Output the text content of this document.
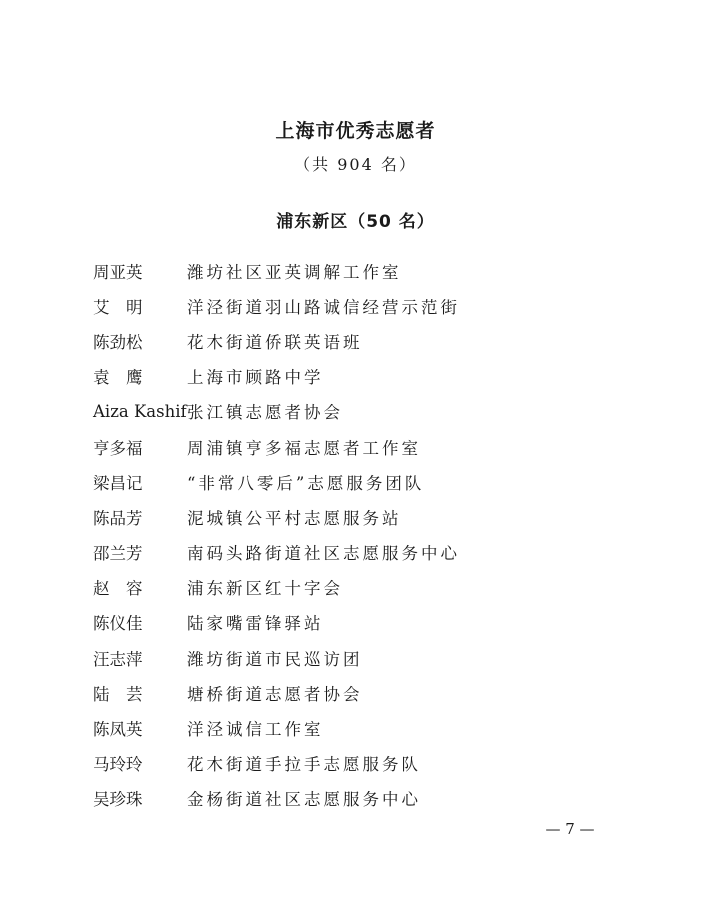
上海市优秀志愿者
（共 904 名）
浦东新区（50 名）
周亚英	潍坊社区亚英调解工作室
艾　明	洋泾街道羽山路诚信经营示范街
陈劲松	花木街道侨联英语班
袁　鹰	上海市顾路中学
Aiza Kashif 张江镇志愿者协会
亨多福	周浦镇亨多福志愿者工作室
梁昌记	“非常八零后”志愿服务团队
陈品芳	泥城镇公平村志愿服务站
邵兰芳	南码头路街道社区志愿服务中心
赵　容	浦东新区红十字会
陈仪佳	陆家嘴雷锋驿站
汪志萍	潍坊街道市民巡访团
陆　芸	塘桥街道志愿者协会
陈凤英	洋泾诚信工作室
马玲玲	花木街道手拉手志愿服务队
吴珍珠	金杨街道社区志愿服务中心
— 7 —
